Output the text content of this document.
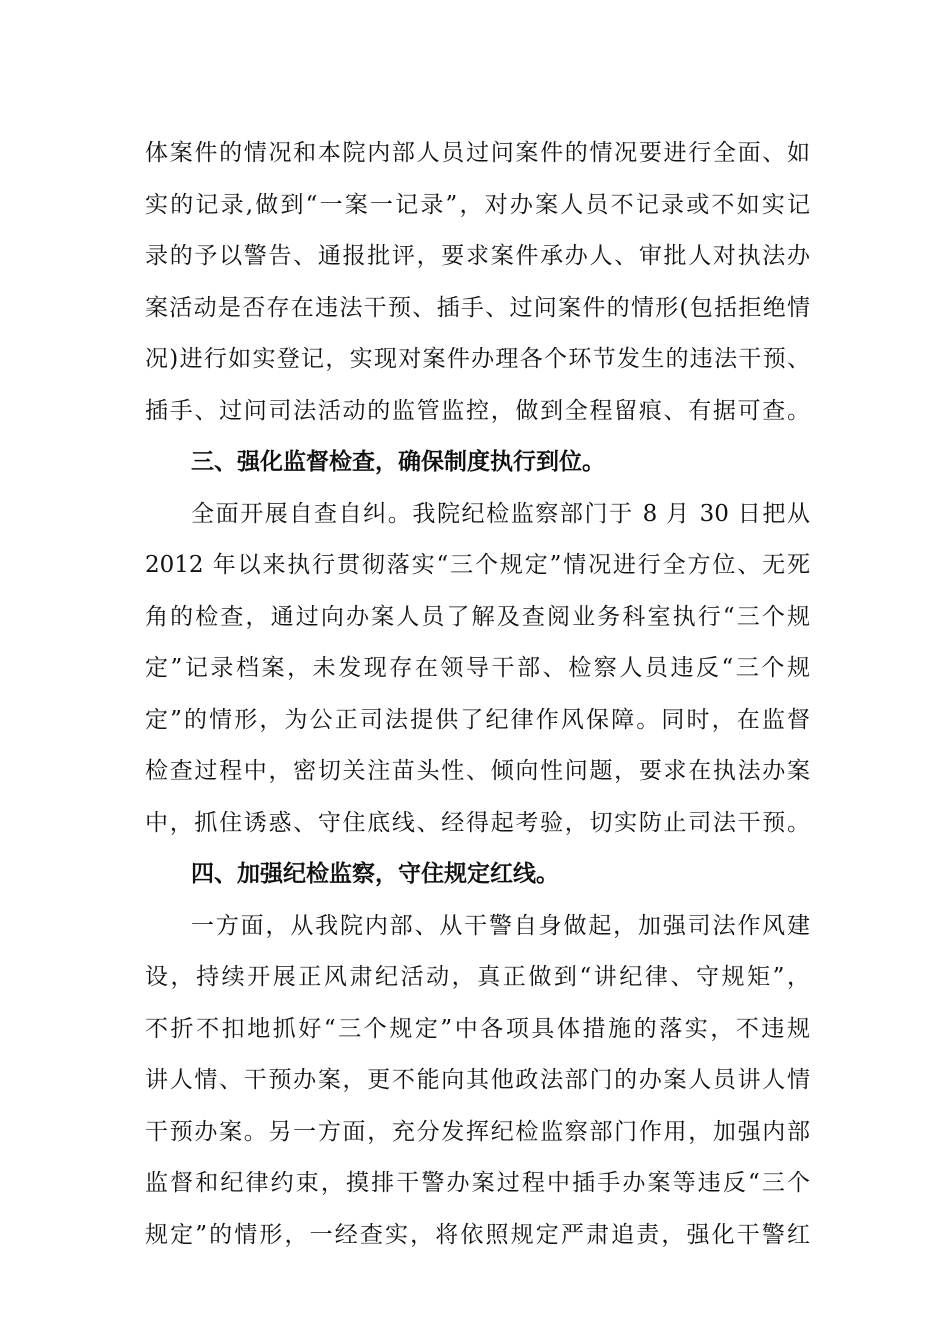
体案件的情况和本院内部人员过问案件的情况要进行全面、如
实的记录,做到“一案一记录”，对办案人员不记录或不如实记
录的予以警告、通报批评，要求案件承办人、审批人对执法办
案活动是否存在违法干预、插手、过问案件的情形(包括拒绝情
况)进行如实登记，实现对案件办理各个环节发生的违法干预、
插手、过问司法活动的监管监控，做到全程留痕、有据可查。
三、强化监督检查，确保制度执行到位。
全面开展自查自纠。我院纪检监察部门于 8 月 30 日把从
2012 年以来执行贯彻落实“三个规定”情况进行全方位、无死
角的检查，通过向办案人员了解及查阅业务科室执行“三个规
定”记录档案，未发现存在领导干部、检察人员违反“三个规
定”的情形，为公正司法提供了纪律作风保障。同时，在监督
检查过程中，密切关注苗头性、倾向性问题，要求在执法办案
中，抓住诱惑、守住底线、经得起考验，切实防止司法干预。
四、加强纪检监察，守住规定红线。
一方面，从我院内部、从干警自身做起，加强司法作风建
设，持续开展正风肃纪活动，真正做到“讲纪律、守规矩”，
不折不扣地抓好“三个规定”中各项具体措施的落实，不违规
讲人情、干预办案，更不能向其他政法部门的办案人员讲人情
干预办案。另一方面，充分发挥纪检监察部门作用，加强内部
监督和纪律约束，摸排干警办案过程中插手办案等违反“三个
规定”的情形，一经查实，将依照规定严肃追责，强化干警红
